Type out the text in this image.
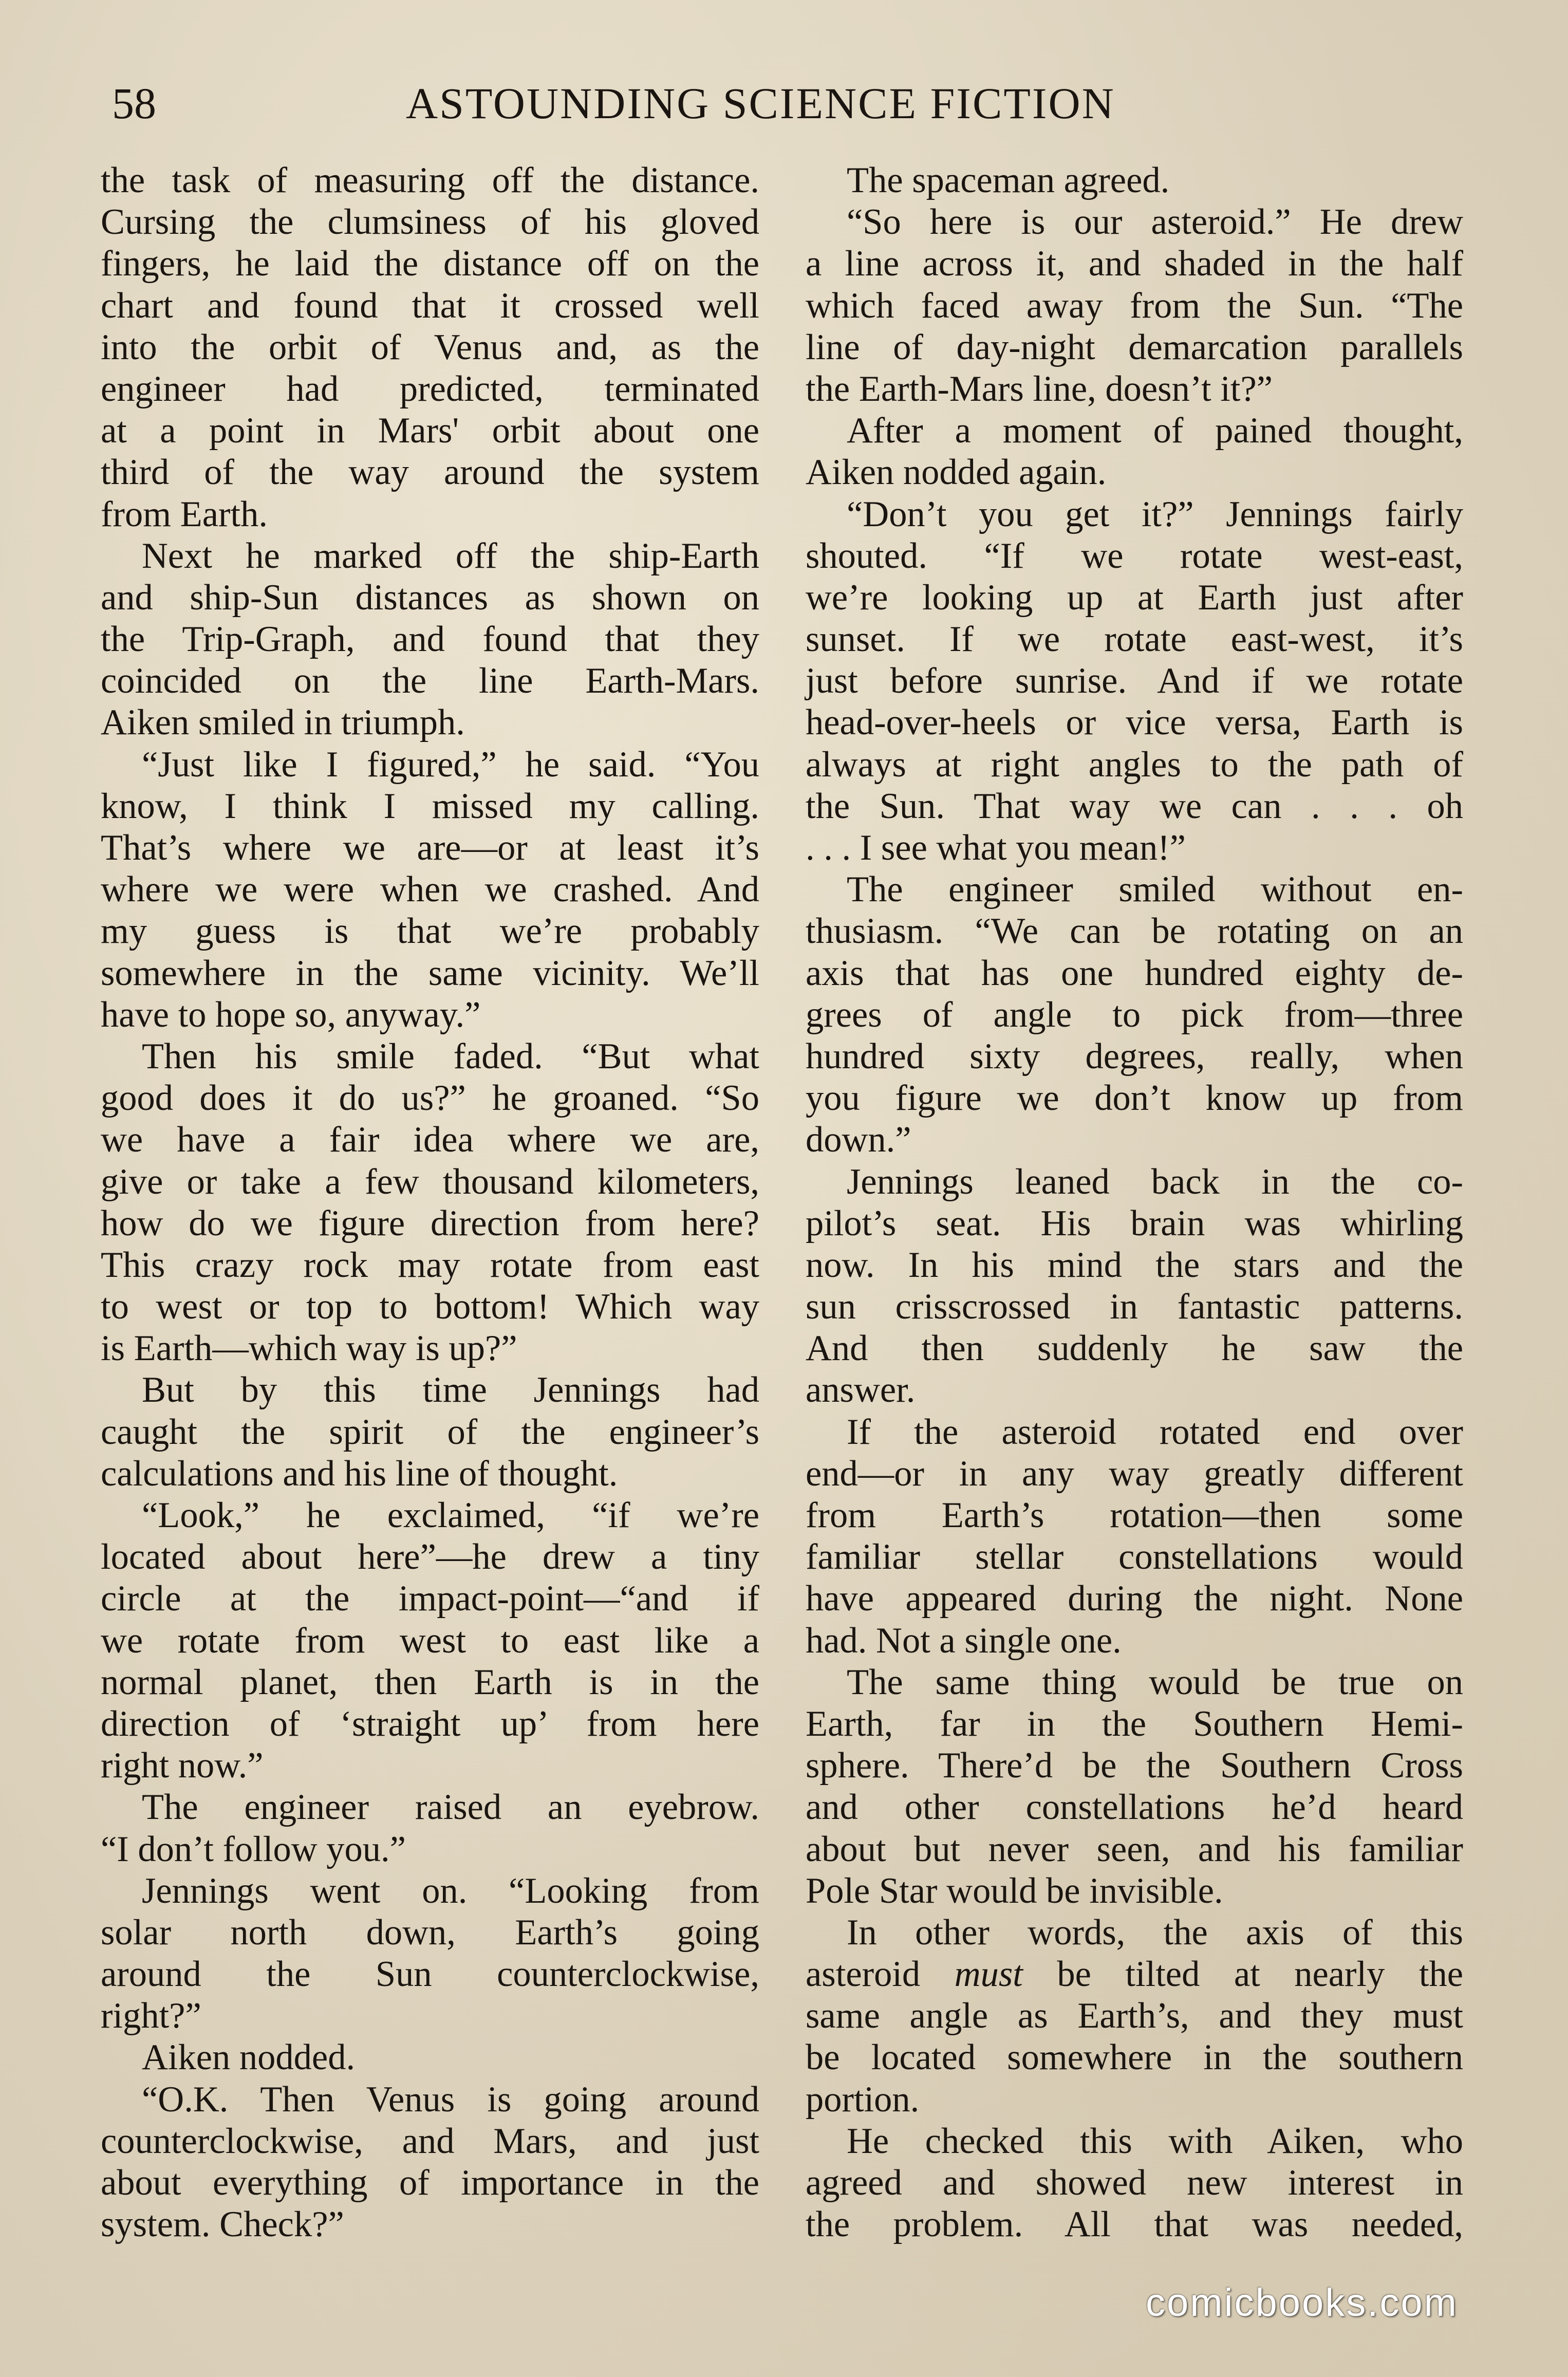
58	ASTOUNDING SCIENCE FICTION
the task of measuring off the distance.
Cursing the clumsiness of his gloved
fingers, he laid the distance off on the
chart and found that it crossed well
into the orbit of Venus and, as the
engineer had predicted, terminated
at a point in Mars' orbit about one
third of the way around the system
from Earth.
Next he marked off the ship-Earth
and ship-Sun distances as shown on
the Trip-Graph, and found that they
coincided on the line Earth-Mars.
Aiken smiled in triumph.
“Just like I figured,” he said. “You
know, I think I missed my calling.
That’s where we are—or at least it’s
where we were when we crashed. And
my guess is that we’re probably
somewhere in the same vicinity. We’ll
have to hope so, anyway.”
Then his smile faded. “But what
good does it do us?” he groaned. “So
we have a fair idea where we are,
give or take a few thousand kilometers,
how do we figure direction from here?
This crazy rock may rotate from east
to west or top to bottom! Which way
is Earth—which way is up?”
But by this time Jennings had
caught the spirit of the engineer’s
calculations and his line of thought.
“Look,” he exclaimed, “if we’re
located about here”—he drew a tiny
circle at the impact-point—“and if
we rotate from west to east like a
normal planet, then Earth is in the
direction of ‘straight up’ from here
right now.”
The engineer raised an eyebrow.
“I don’t follow you.”
Jennings went on. “Looking from
solar north down, Earth’s going
around the Sun counterclockwise,
right?”
Aiken nodded.
“O.K. Then Venus is going around
counterclockwise, and Mars, and just
about everything of importance in the
system. Check?”
The spaceman agreed.
“So here is our asteroid.” He drew
a line across it, and shaded in the half
which faced away from the Sun. “The
line of day-night demarcation parallels
the Earth-Mars line, doesn’t it?”
After a moment of pained thought,
Aiken nodded again.
“Don’t you get it?” Jennings fairly
shouted. “If we rotate west-east,
we’re looking up at Earth just after
sunset. If we rotate east-west, it’s
just before sunrise. And if we rotate
head-over-heels or vice versa, Earth is
always at right angles to the path of
the Sun. That way we can . . . oh
. . . I see what you mean!”
The engineer smiled without en-
thusiasm. “We can be rotating on an
axis that has one hundred eighty de-
grees of angle to pick from—three
hundred sixty degrees, really, when
you figure we don’t know up from
down.”
Jennings leaned back in the co-
pilot’s seat. His brain was whirling
now. In his mind the stars and the
sun crisscrossed in fantastic patterns.
And then suddenly he saw the
answer.
If the asteroid rotated end over
end—or in any way greatly different
from Earth’s rotation—then some
familiar stellar constellations would
have appeared during the night. None
had. Not a single one.
The same thing would be true on
Earth, far in the Southern Hemi-
sphere. There’d be the Southern Cross
and other constellations he’d heard
about but never seen, and his familiar
Pole Star would be invisible.
In other words, the axis of this
asteroid must be tilted at nearly the
same angle as Earth’s, and they must
be located somewhere in the southern
portion.
He checked this with Aiken, who
agreed and showed new interest in
the problem. All that was needed,
comicbooks.com
